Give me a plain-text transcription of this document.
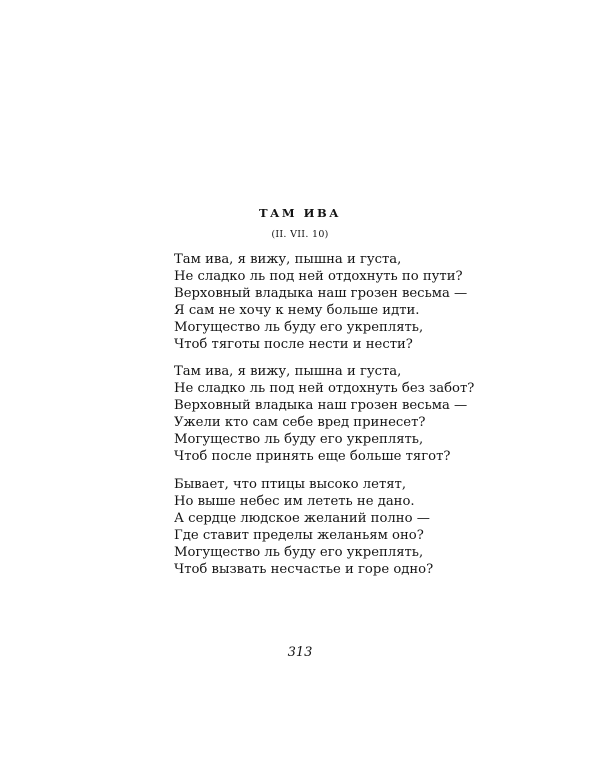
ТАМ ИВА
(II. VII. 10)
Там ива, я вижу, пышна и густа,
Не сладко ль под ней отдохнуть по пути?
Верховный владыка наш грозен весьма —
Я сам не хочу к нему больше идти.
Могущество ль буду его укреплять,
Чтоб тяготы после нести и нести?
Там ива, я вижу, пышна и густа,
Не сладко ль под ней отдохнуть без забот?
Верховный владыка наш грозен весьма —
Ужели кто сам себе вред принесет?
Могущество ль буду его укреплять,
Чтоб после принять еще больше тягот?
Бывает, что птицы высоко летят,
Но выше небес им лететь не дано.
А сердце людское желаний полно —
Где ставит пределы желаньям оно?
Могущество ль буду его укреплять,
Чтоб вызвать несчастье и горе одно?
313
